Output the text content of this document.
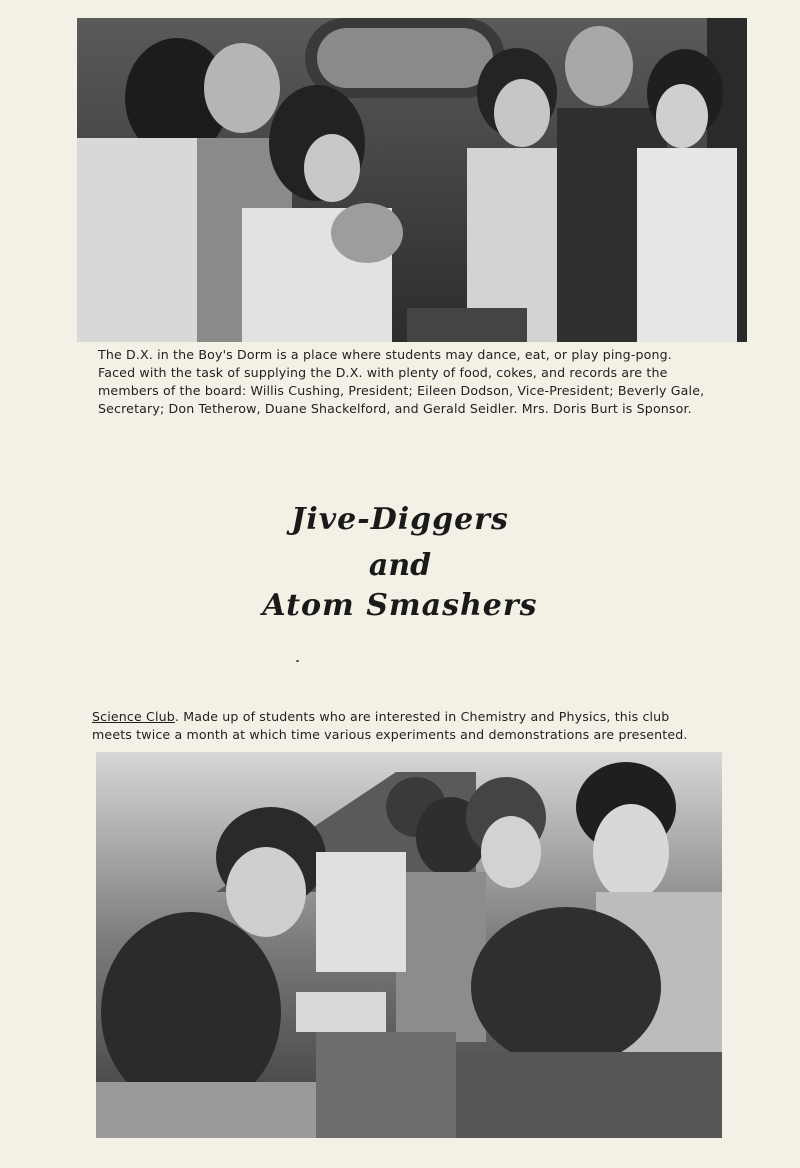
The D.X. in the Boy's Dorm is a place where students may dance, eat, or play ping-pong.
Faced with the task of supplying the D.X. with plenty of food, cokes, and records are the
members of the board: Willis Cushing, President; Eileen Dodson, Vice-President; Beverly Gale,
Secretary; Don Tetherow, Duane Shackelford, and Gerald Seidler. Mrs. Doris Burt is Sponsor.
Jive-Diggers
and
Atom Smashers
Science Club. Made up of students who are interested in Chemistry and Physics, this club
meets twice a month at which time various experiments and demonstrations are presented.
